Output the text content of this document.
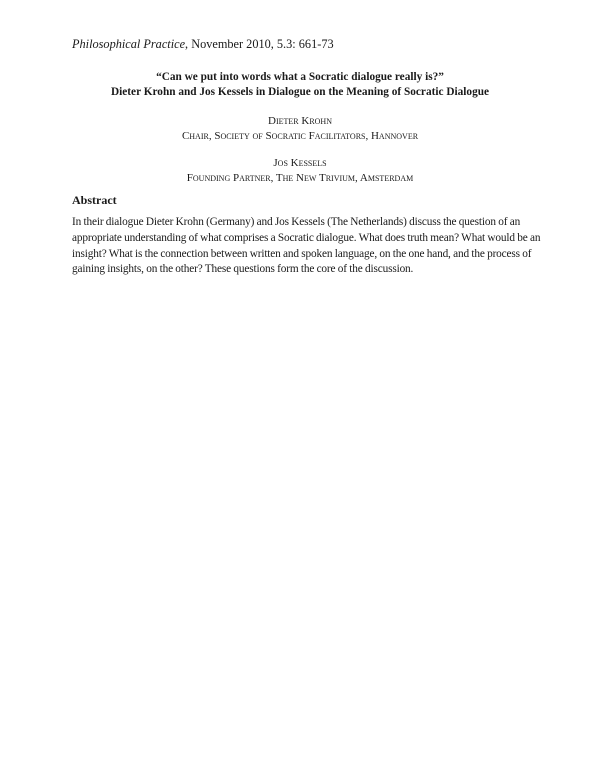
Philosophical Practice, November 2010, 5.3: 661-73
“Can we put into words what a Socratic dialogue really is?”
Dieter Krohn and Jos Kessels in Dialogue on the Meaning of Socratic Dialogue
Dieter Krohn
Chair, Society of Socratic Facilitators, Hannover
Jos Kessels
Founding Partner, The New Trivium, Amsterdam
Abstract
In their dialogue Dieter Krohn (Germany) and Jos Kessels (The Netherlands) discuss the question of an
appropriate understanding of what comprises a Socratic dialogue. What does truth mean? What would be an
insight? What is the connection between written and spoken language, on the one hand, and the process of
gaining insights, on the other? These questions form the core of the discussion.
